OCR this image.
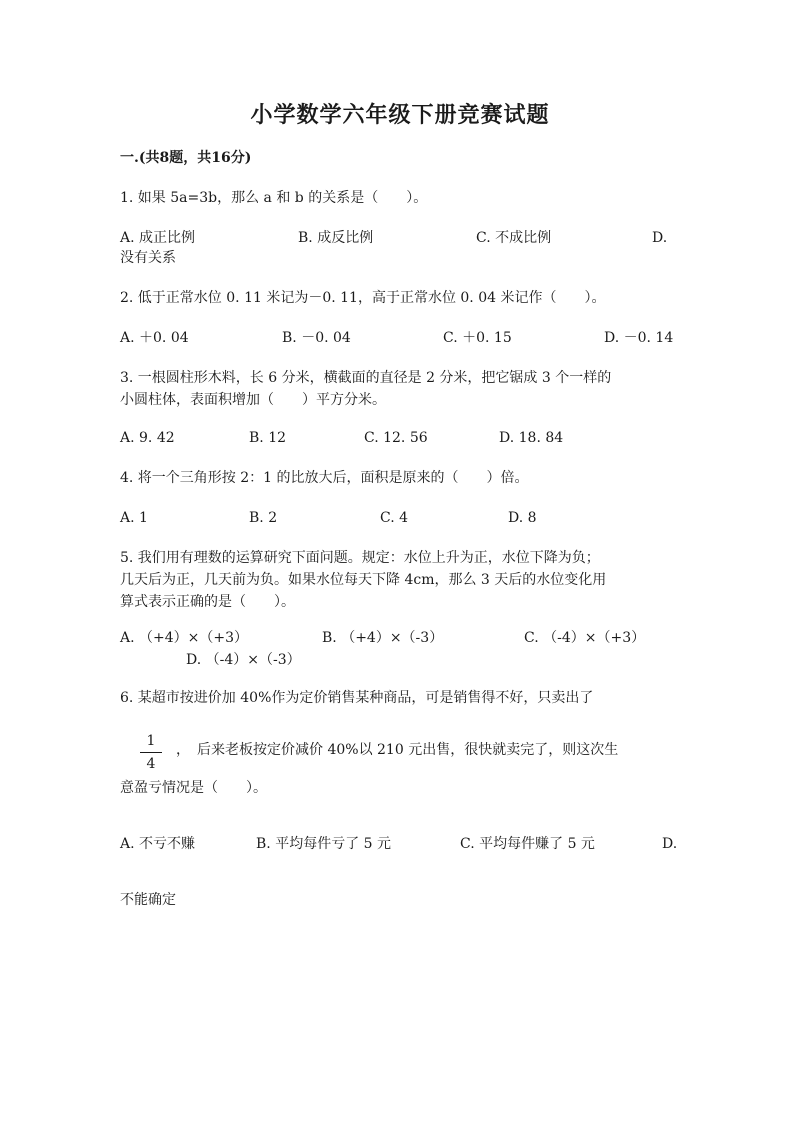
小学数学六年级下册竞赛试题
一.(共8题，共16分)
1. 如果 5a=3b，那么 a 和 b 的关系是（　　）。
A. 成正比例	B. 成反比例	C. 不成比例	D.
没有关系
2. 低于正常水位 0. 11 米记为－0. 11，高于正常水位 0. 04 米记作（　　）。
A. ＋0. 04	B. －0. 04	C. ＋0. 15	D. －0. 14
3. 一根圆柱形木料，长 6 分米，横截面的直径是 2 分米，把它锯成 3 个一样的
小圆柱体，表面积增加（　　）平方分米。
A. 9. 42	B. 12	C. 12. 56	D. 18. 84
4. 将一个三角形按 2：1 的比放大后，面积是原来的（　　）倍。
A. 1	B. 2	C. 4	D. 8
5. 我们用有理数的运算研究下面问题。规定：水位上升为正，水位下降为负；
几天后为正，几天前为负。如果水位每天下降 4cm，那么 3 天后的水位变化用
算式表示正确的是（　　）。
A. （+4）×（+3）	B. （+4）×（-3）	C. （-4）×（+3）
D. （-4）×（-3）
6. 某超市按进价加 40%作为定价销售某种商品，可是销售得不好，只卖出了
1
4
，　后来老板按定价减价 40%以 210 元出售，很快就卖完了，则这次生
意盈亏情况是（　　）。
A. 不亏不赚	B. 平均每件亏了 5 元	C. 平均每件赚了 5 元	D.
不能确定
